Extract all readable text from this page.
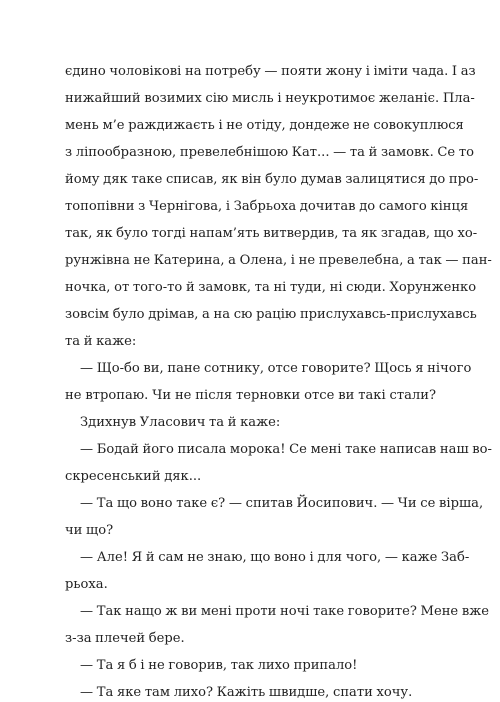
єдино чоловікові на потребу — пояти жону і іміти чада. І аз
нижайший возимих сію мисль і неукротимоє желаніє. Пла-
мень м’е раждижаєть і не отіду, дондеже не совокуплюся
з ліпообразною, превелебнішою Кат... — та й замовк. Се то
йому дяк таке списав, як він було думав залицятися до про-
топопівни з Чернігова, і Забрьоха дочитав до самого кінця
так, як було тогді напам’ять витвердив, та як згадав, що хо-
рунжівна не Катерина, а Олена, і не превелебна, а так — пан-
ночка, от того-то й замовк, та ні туди, ні сюди. Хорунженко
зовсім було дрімав, а на сю рацію прислухавсь-прислухавсь
та й каже:
— Що-бо ви, пане сотнику, отсе говорите? Щось я нічого
не втропаю. Чи не після терновки отсе ви такі стали?
Здихнув Уласович та й каже:
— Бодай його писала морока! Се мені таке написав наш во-
скресенський дяк...
— Та що воно таке є? — спитав Йосипович. — Чи се вірша,
чи що?
— Але! Я й сам не знаю, що воно і для чого, — каже Заб-
рьоха.
— Так нащо ж ви мені проти ночі таке говорите? Мене вже
з-за плечей бере.
— Та я б і не говорив, так лихо припало!
— Та яке там лихо? Кажіть швидше, спати хочу.
